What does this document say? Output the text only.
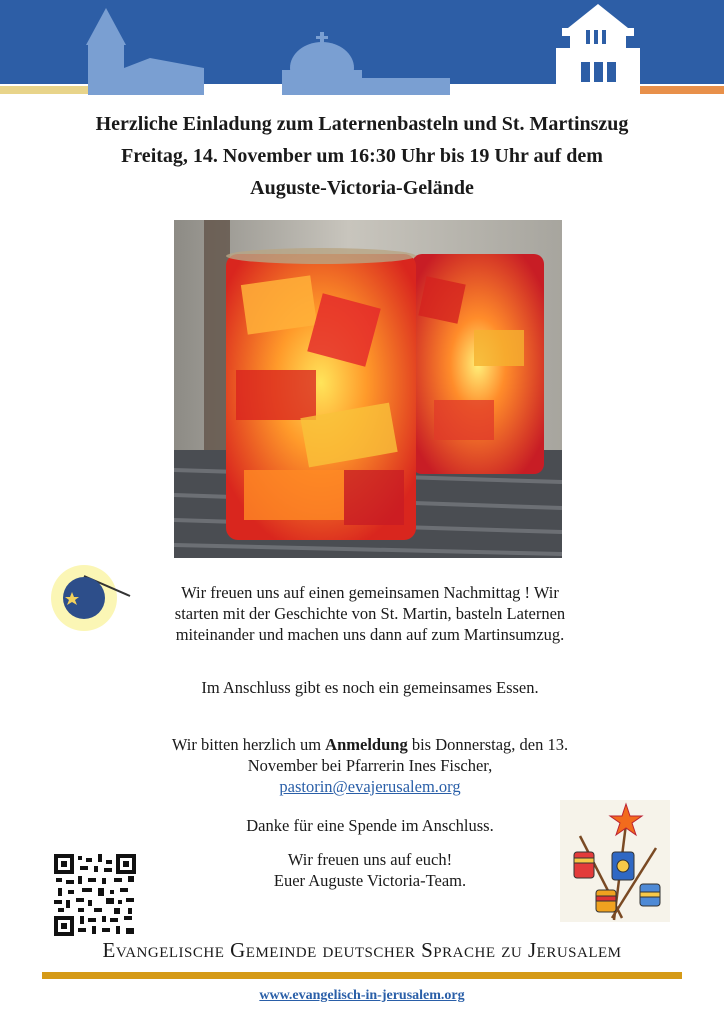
Herzliche Einladung zum Laternenbasteln und St. Martinszug
Freitag, 14. November um 16:30 Uhr bis 19 Uhr auf dem
Auguste-Victoria-Gelände
Wir freuen uns auf einen gemeinsamen Nachmittag ! Wir starten mit der Geschichte von St. Martin, basteln Laternen miteinander und machen uns dann auf zum Martinsumzug.
Im Anschluss gibt es noch ein gemeinsames Essen.
Wir bitten herzlich um Anmeldung bis Donnerstag, den 13. November bei Pfarrerin Ines Fischer,
pastorin@evajerusalem.org
Danke für eine Spende im Anschluss.
Wir freuen uns auf euch!
Euer Auguste Victoria-Team.
Evangelische Gemeinde deutscher Sprache zu Jerusalem
www.evangelisch-in-jerusalem.org
